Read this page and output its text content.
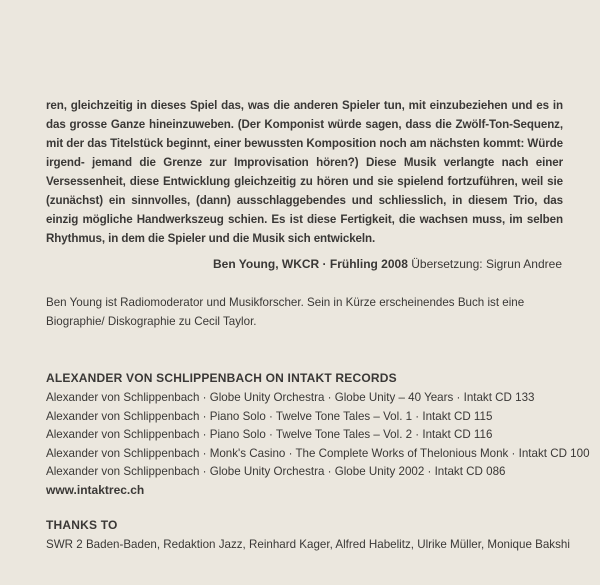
ren, gleichzeitig in dieses Spiel das, was die anderen Spieler tun, mit einzubeziehen und es in das grosse Ganze hineinzuweben. (Der Komponist würde sagen, dass die Zwölf-Ton-Sequenz, mit der das Titelstück beginnt, einer bewussten Komposition noch am nächsten kommt: Würde irgend- jemand die Grenze zur Improvisation hören?) Diese Musik verlangte nach einer Versessenheit, diese Entwicklung gleichzeitig zu hören und sie spielend fortzuführen, weil sie (zunächst) ein sinnvolles, (dann) ausschlaggebendes und schliesslich, in diesem Trio, das einzig mögliche Handwerkszeug schien. Es ist diese Fertigkeit, die wachsen muss, im selben Rhythmus, in dem die Spieler und die Musik sich entwickeln.
Ben Young, WKCR · Frühling 2008 Übersetzung: Sigrun Andree
Ben Young ist Radiomoderator und Musikforscher. Sein in Kürze erscheinendes Buch ist eine Biographie/ Diskographie zu Cecil Taylor.
ALEXANDER VON SCHLIPPENBACH ON INTAKT RECORDS
Alexander von Schlippenbach · Globe Unity Orchestra · Globe Unity – 40 Years · Intakt CD 133
Alexander von Schlippenbach · Piano Solo · Twelve Tone Tales – Vol. 1 · Intakt CD 115
Alexander von Schlippenbach · Piano Solo · Twelve Tone Tales – Vol. 2 · Intakt CD 116
Alexander von Schlippenbach · Monk's Casino · The Complete Works of Thelonious Monk · Intakt CD 100
Alexander von Schlippenbach · Globe Unity Orchestra · Globe Unity 2002 · Intakt CD 086
www.intaktrec.ch
THANKS TO
SWR 2 Baden-Baden, Redaktion Jazz, Reinhard Kager, Alfred Habelitz, Ulrike Müller, Monique Bakshi
